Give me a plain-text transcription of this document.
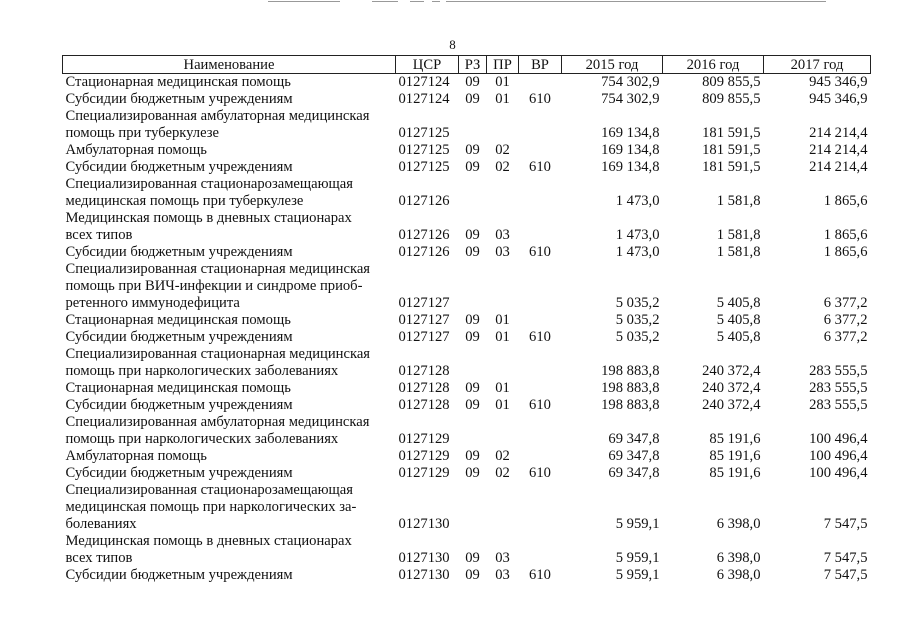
8
Наименование	ЦСР	РЗ	ПР	ВР	2015 год	2016 год	2017 год

Стационарная медицинская помощь	0127124	09	01		754 302,9	809 855,5	945 346,9

Субсидии бюджетным учреждениям	0127124	09	01	610	754 302,9	809 855,5	945 346,9

Специализированная амбулаторная медицинская
помощь при туберкулезе	0127125				169 134,8	181 591,5	214 214,4

Амбулаторная помощь	0127125	09	02		169 134,8	181 591,5	214 214,4

Субсидии бюджетным учреждениям	0127125	09	02	610	169 134,8	181 591,5	214 214,4

Специализированная стационарозамещающая
медицинская помощь при туберкулезе	0127126				1 473,0	1 581,8	1 865,6

Медицинская помощь в дневных стационарах
всех типов	0127126	09	03		1 473,0	1 581,8	1 865,6

Субсидии бюджетным учреждениям	0127126	09	03	610	1 473,0	1 581,8	1 865,6

Специализированная стационарная медицинская
помощь при ВИЧ-инфекции и синдроме приоб-
ретенного иммунодефицита	0127127				5 035,2	5 405,8	6 377,2

Стационарная медицинская помощь	0127127	09	01		5 035,2	5 405,8	6 377,2

Субсидии бюджетным учреждениям	0127127	09	01	610	5 035,2	5 405,8	6 377,2

Специализированная стационарная медицинская
помощь при наркологических заболеваниях	0127128				198 883,8	240 372,4	283 555,5

Стационарная медицинская помощь	0127128	09	01		198 883,8	240 372,4	283 555,5

Субсидии бюджетным учреждениям	0127128	09	01	610	198 883,8	240 372,4	283 555,5

Специализированная амбулаторная медицинская
помощь при наркологических заболеваниях	0127129				69 347,8	85 191,6	100 496,4

Амбулаторная помощь	0127129	09	02		69 347,8	85 191,6	100 496,4

Субсидии бюджетным учреждениям	0127129	09	02	610	69 347,8	85 191,6	100 496,4

Специализированная стационарозамещающая
медицинская помощь при наркологических за-
болеваниях	0127130				5 959,1	6 398,0	7 547,5

Медицинская помощь в дневных стационарах
всех типов	0127130	09	03		5 959,1	6 398,0	7 547,5

Субсидии бюджетным учреждениям	0127130	09	03	610	5 959,1	6 398,0	7 547,5
